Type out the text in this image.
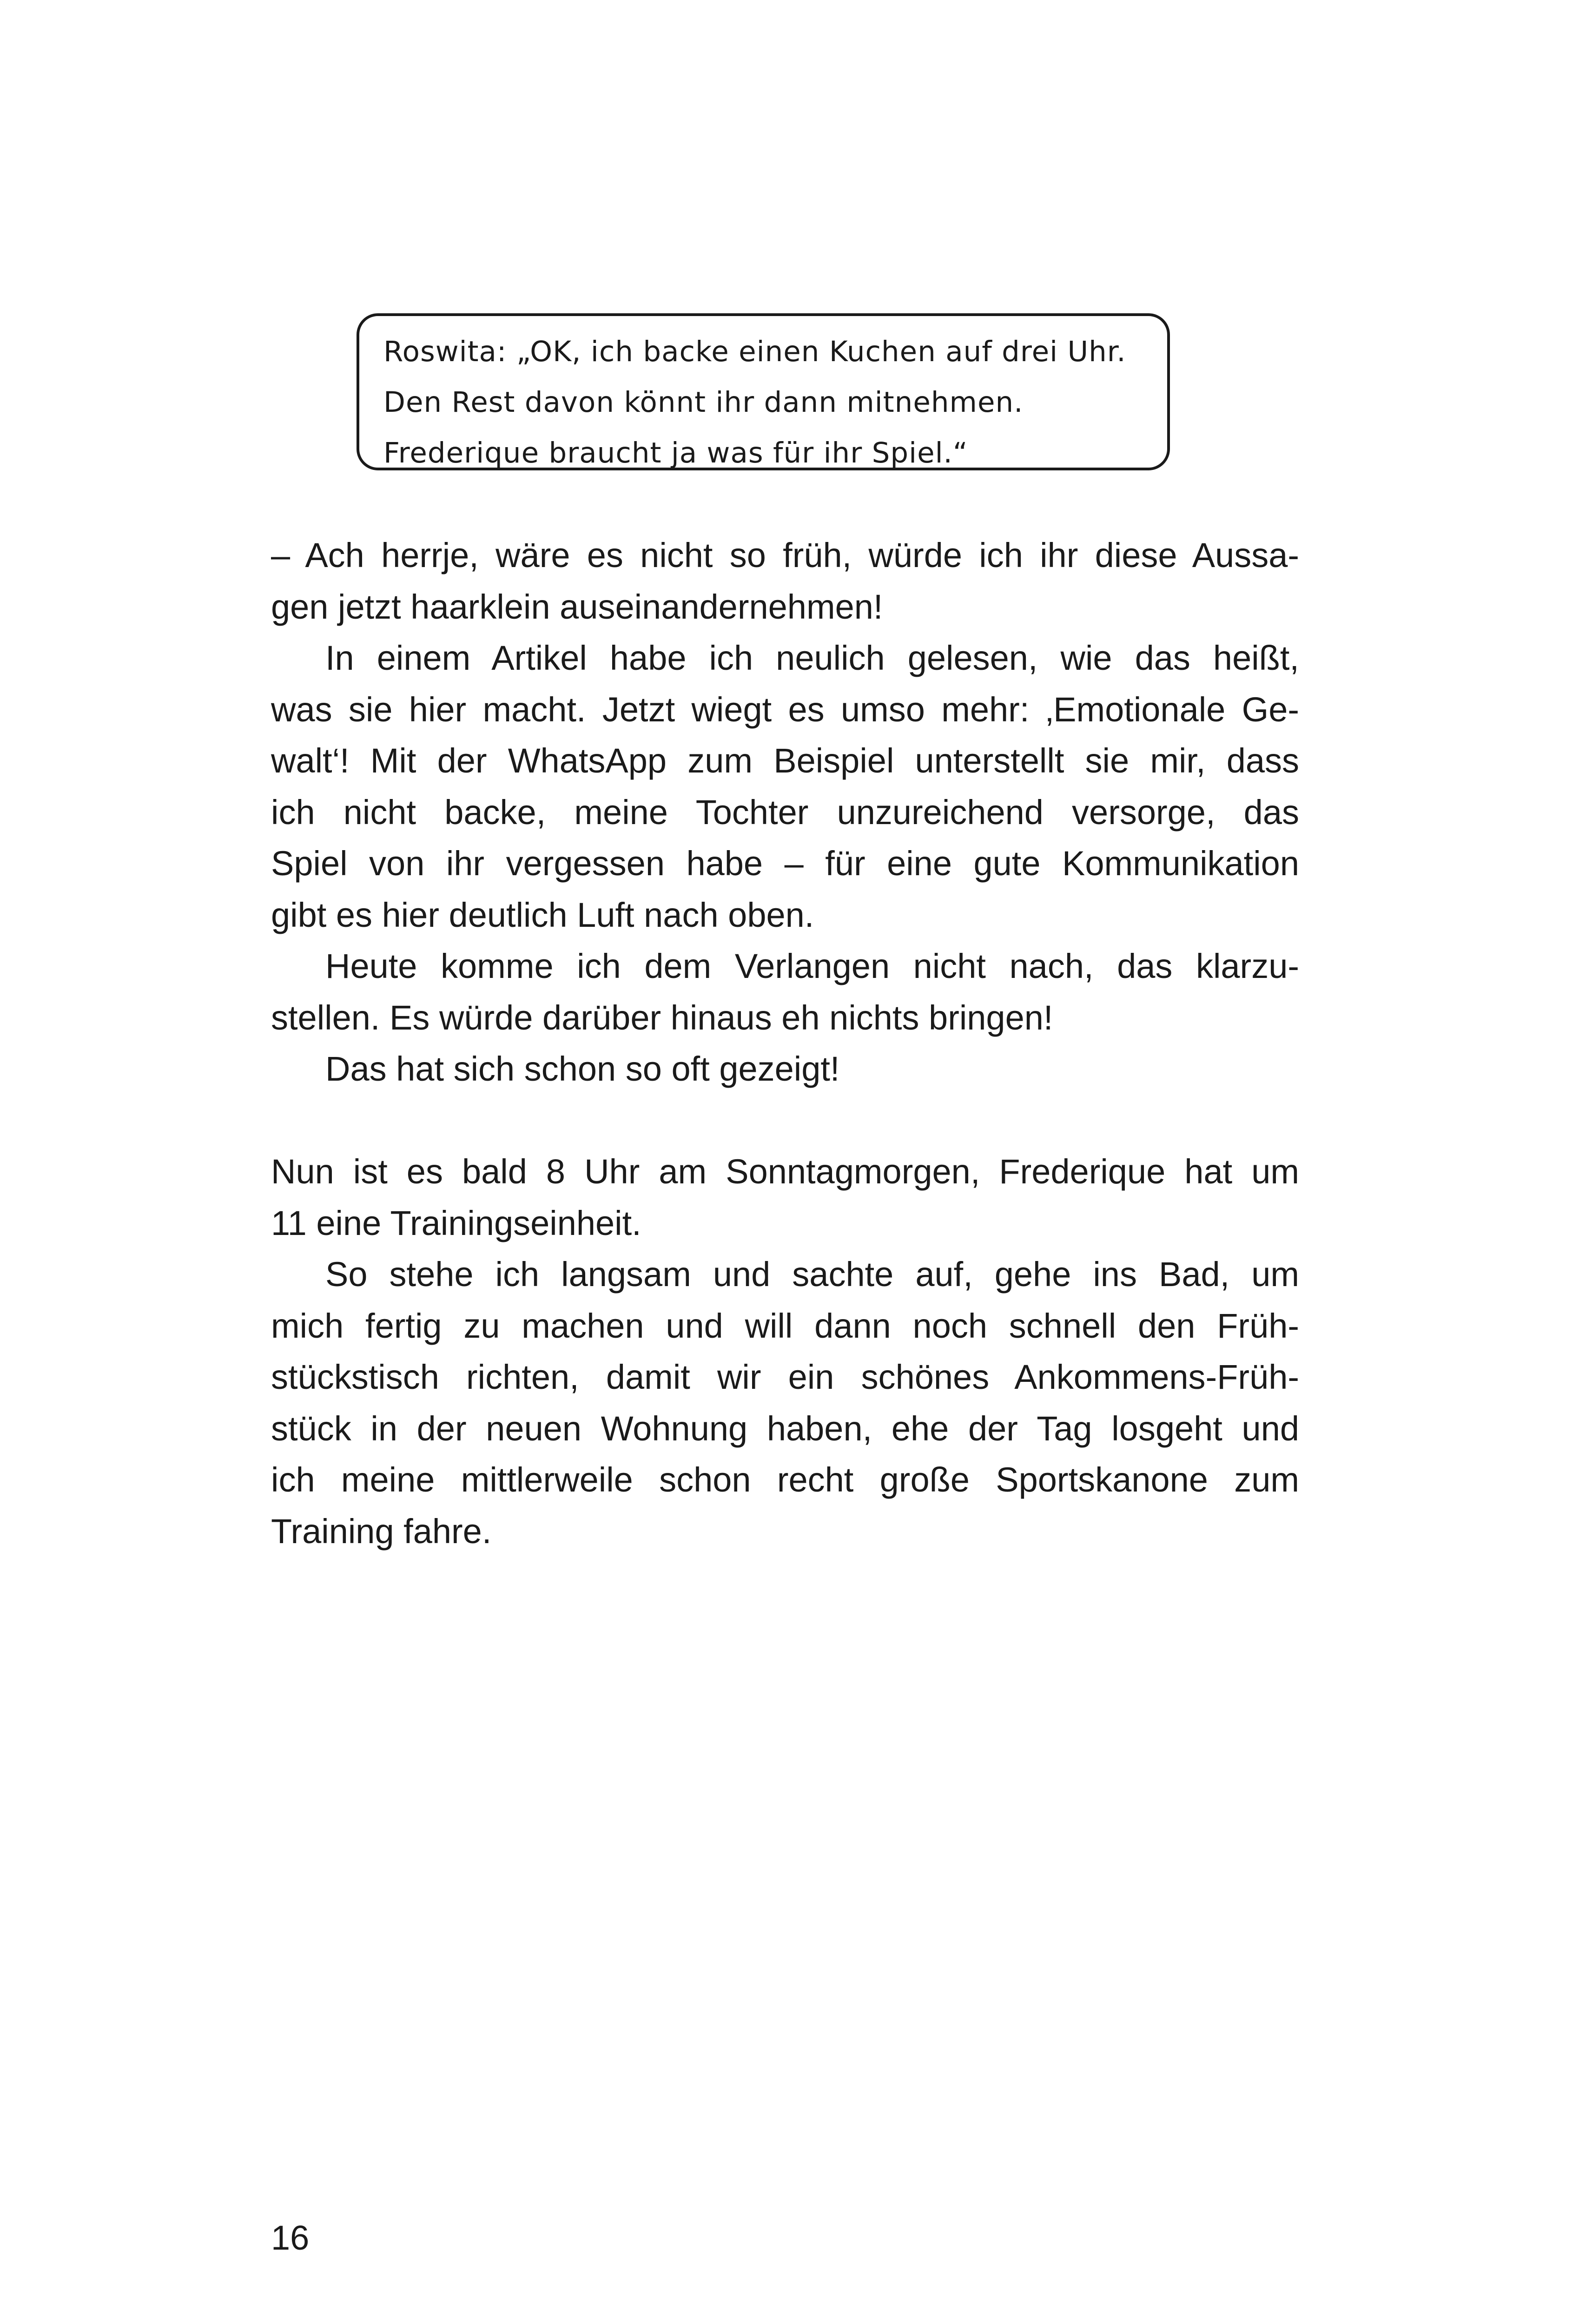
Roswita: „OK, ich backe einen Kuchen auf drei Uhr.
Den Rest davon könnt ihr dann mitnehmen.
Frederique braucht ja was für ihr Spiel.“
– Ach herrje, wäre es nicht so früh, würde ich ihr diese Aussa-
gen jetzt haarklein auseinandernehmen!
In einem Artikel habe ich neulich gelesen, wie das heißt,
was sie hier macht. Jetzt wiegt es umso mehr: ‚Emotionale Ge-
walt‘! Mit der WhatsApp zum Beispiel unterstellt sie mir, dass
ich nicht backe, meine Tochter unzureichend versorge, das
Spiel von ihr vergessen habe – für eine gute Kommunikation
gibt es hier deutlich Luft nach oben.
Heute komme ich dem Verlangen nicht nach, das klarzu-
stellen. Es würde darüber hinaus eh nichts bringen!
Das hat sich schon so oft gezeigt!
Nun ist es bald 8 Uhr am Sonntagmorgen, Frederique hat um
11 eine Trainingseinheit.
So stehe ich langsam und sachte auf, gehe ins Bad, um
mich fertig zu machen und will dann noch schnell den Früh-
stückstisch richten, damit wir ein schönes Ankommens-Früh-
stück in der neuen Wohnung haben, ehe der Tag losgeht und
ich meine mittlerweile schon recht große Sportskanone zum
Training fahre.
16
